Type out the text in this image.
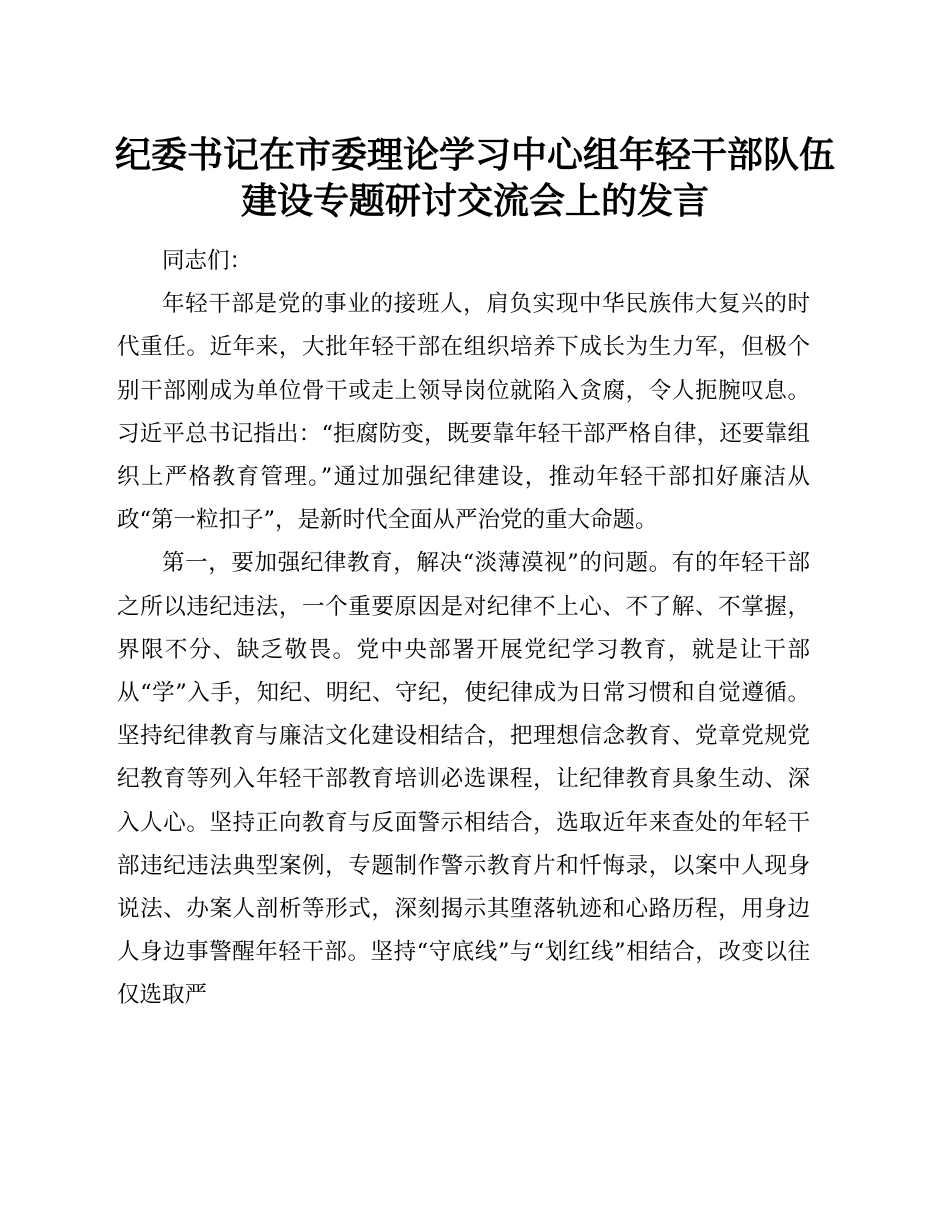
纪委书记在市委理论学习中心组年轻干部队伍
建设专题研讨交流会上的发言

同志们：

年轻干部是党的事业的接班人，肩负实现中华民族伟大复兴的时代重任。近年来，大批年轻干部在组织培养下成长为生力军，但极个别干部刚成为单位骨干或走上领导岗位就陷入贪腐，令人扼腕叹息。习近平总书记指出：“拒腐防变，既要靠年轻干部严格自律，还要靠组织上严格教育管理。”通过加强纪律建设，推动年轻干部扣好廉洁从政“第一粒扣子”，是新时代全面从严治党的重大命题。

第一，要加强纪律教育，解决“淡薄漠视”的问题。有的年轻干部之所以违纪违法，一个重要原因是对纪律不上心、不了解、不掌握，界限不分、缺乏敬畏。党中央部署开展党纪学习教育，就是让干部从“学”入手，知纪、明纪、守纪，使纪律成为日常习惯和自觉遵循。坚持纪律教育与廉洁文化建设相结合，把理想信念教育、党章党规党纪教育等列入年轻干部教育培训必选课程，让纪律教育具象生动、深入人心。坚持正向教育与反面警示相结合，选取近年来查处的年轻干部违纪违法典型案例，专题制作警示教育片和忏悔录，以案中人现身说法、办案人剖析等形式，深刻揭示其堕落轨迹和心路历程，用身边人身边事警醒年轻干部。坚持“守底线”与“划红线”相结合，改变以往仅选取严
